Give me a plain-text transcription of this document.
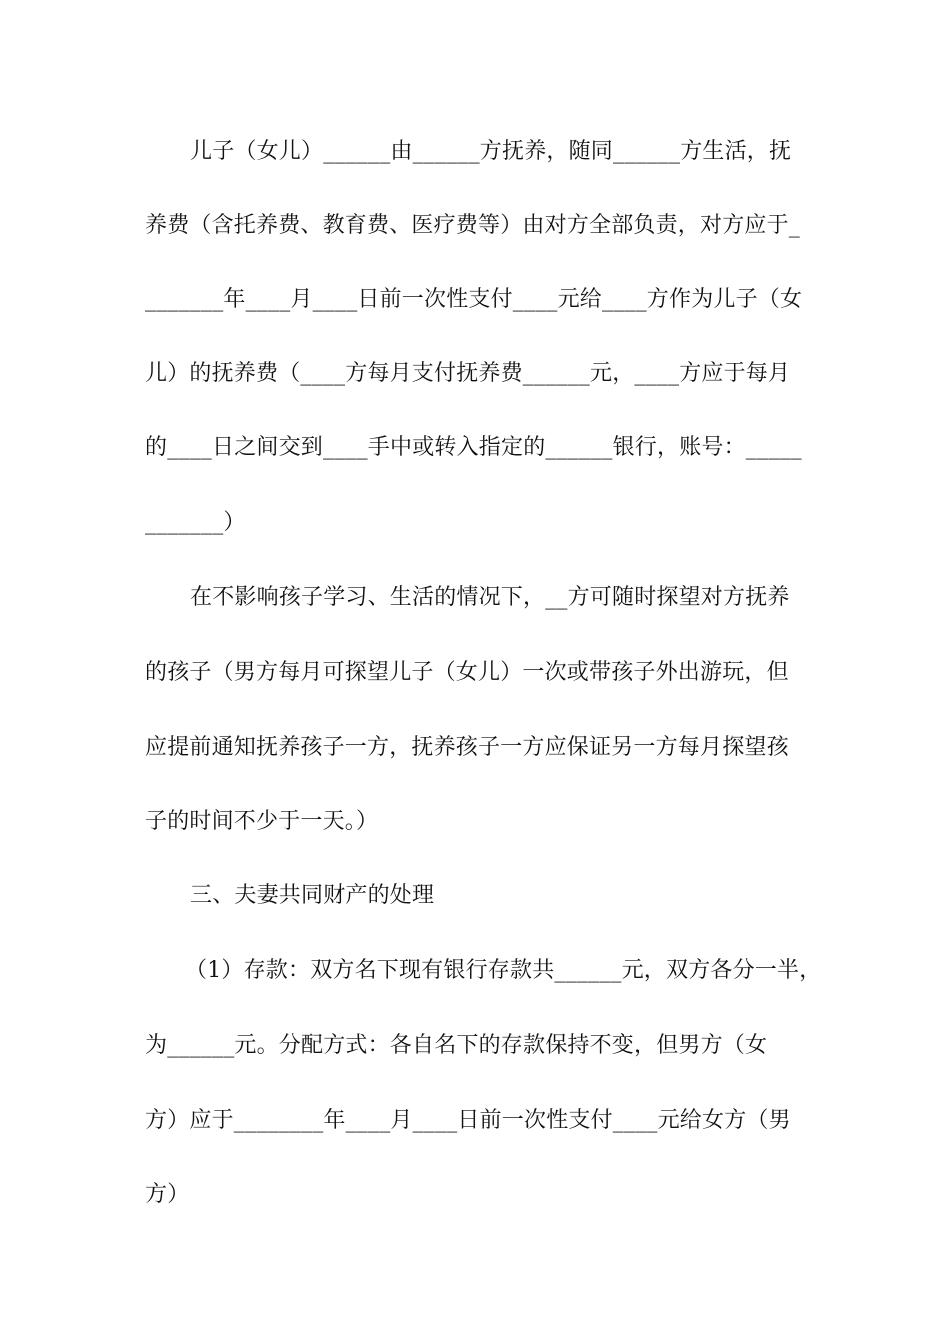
儿子（女儿）______由______方抚养，随同______方生活，抚
养费（含托养费、教育费、医疗费等）由对方全部负责，对方应于_
_______年____月____日前一次性支付____元给____方作为儿子（女
儿）的抚养费（____方每月支付抚养费______元，____方应于每月
的____日之间交到____手中或转入指定的______银行，账号：_____
_______）
在不影响孩子学习、生活的情况下，__方可随时探望对方抚养
的孩子（男方每月可探望儿子（女儿）一次或带孩子外出游玩，但
应提前通知抚养孩子一方，抚养孩子一方应保证另一方每月探望孩
子的时间不少于一天。）
三、夫妻共同财产的处理
（1）存款：双方名下现有银行存款共______元，双方各分一半，
为______元。分配方式：各自名下的存款保持不变，但男方（女
方）应于________年____月____日前一次性支付____元给女方（男
方）
